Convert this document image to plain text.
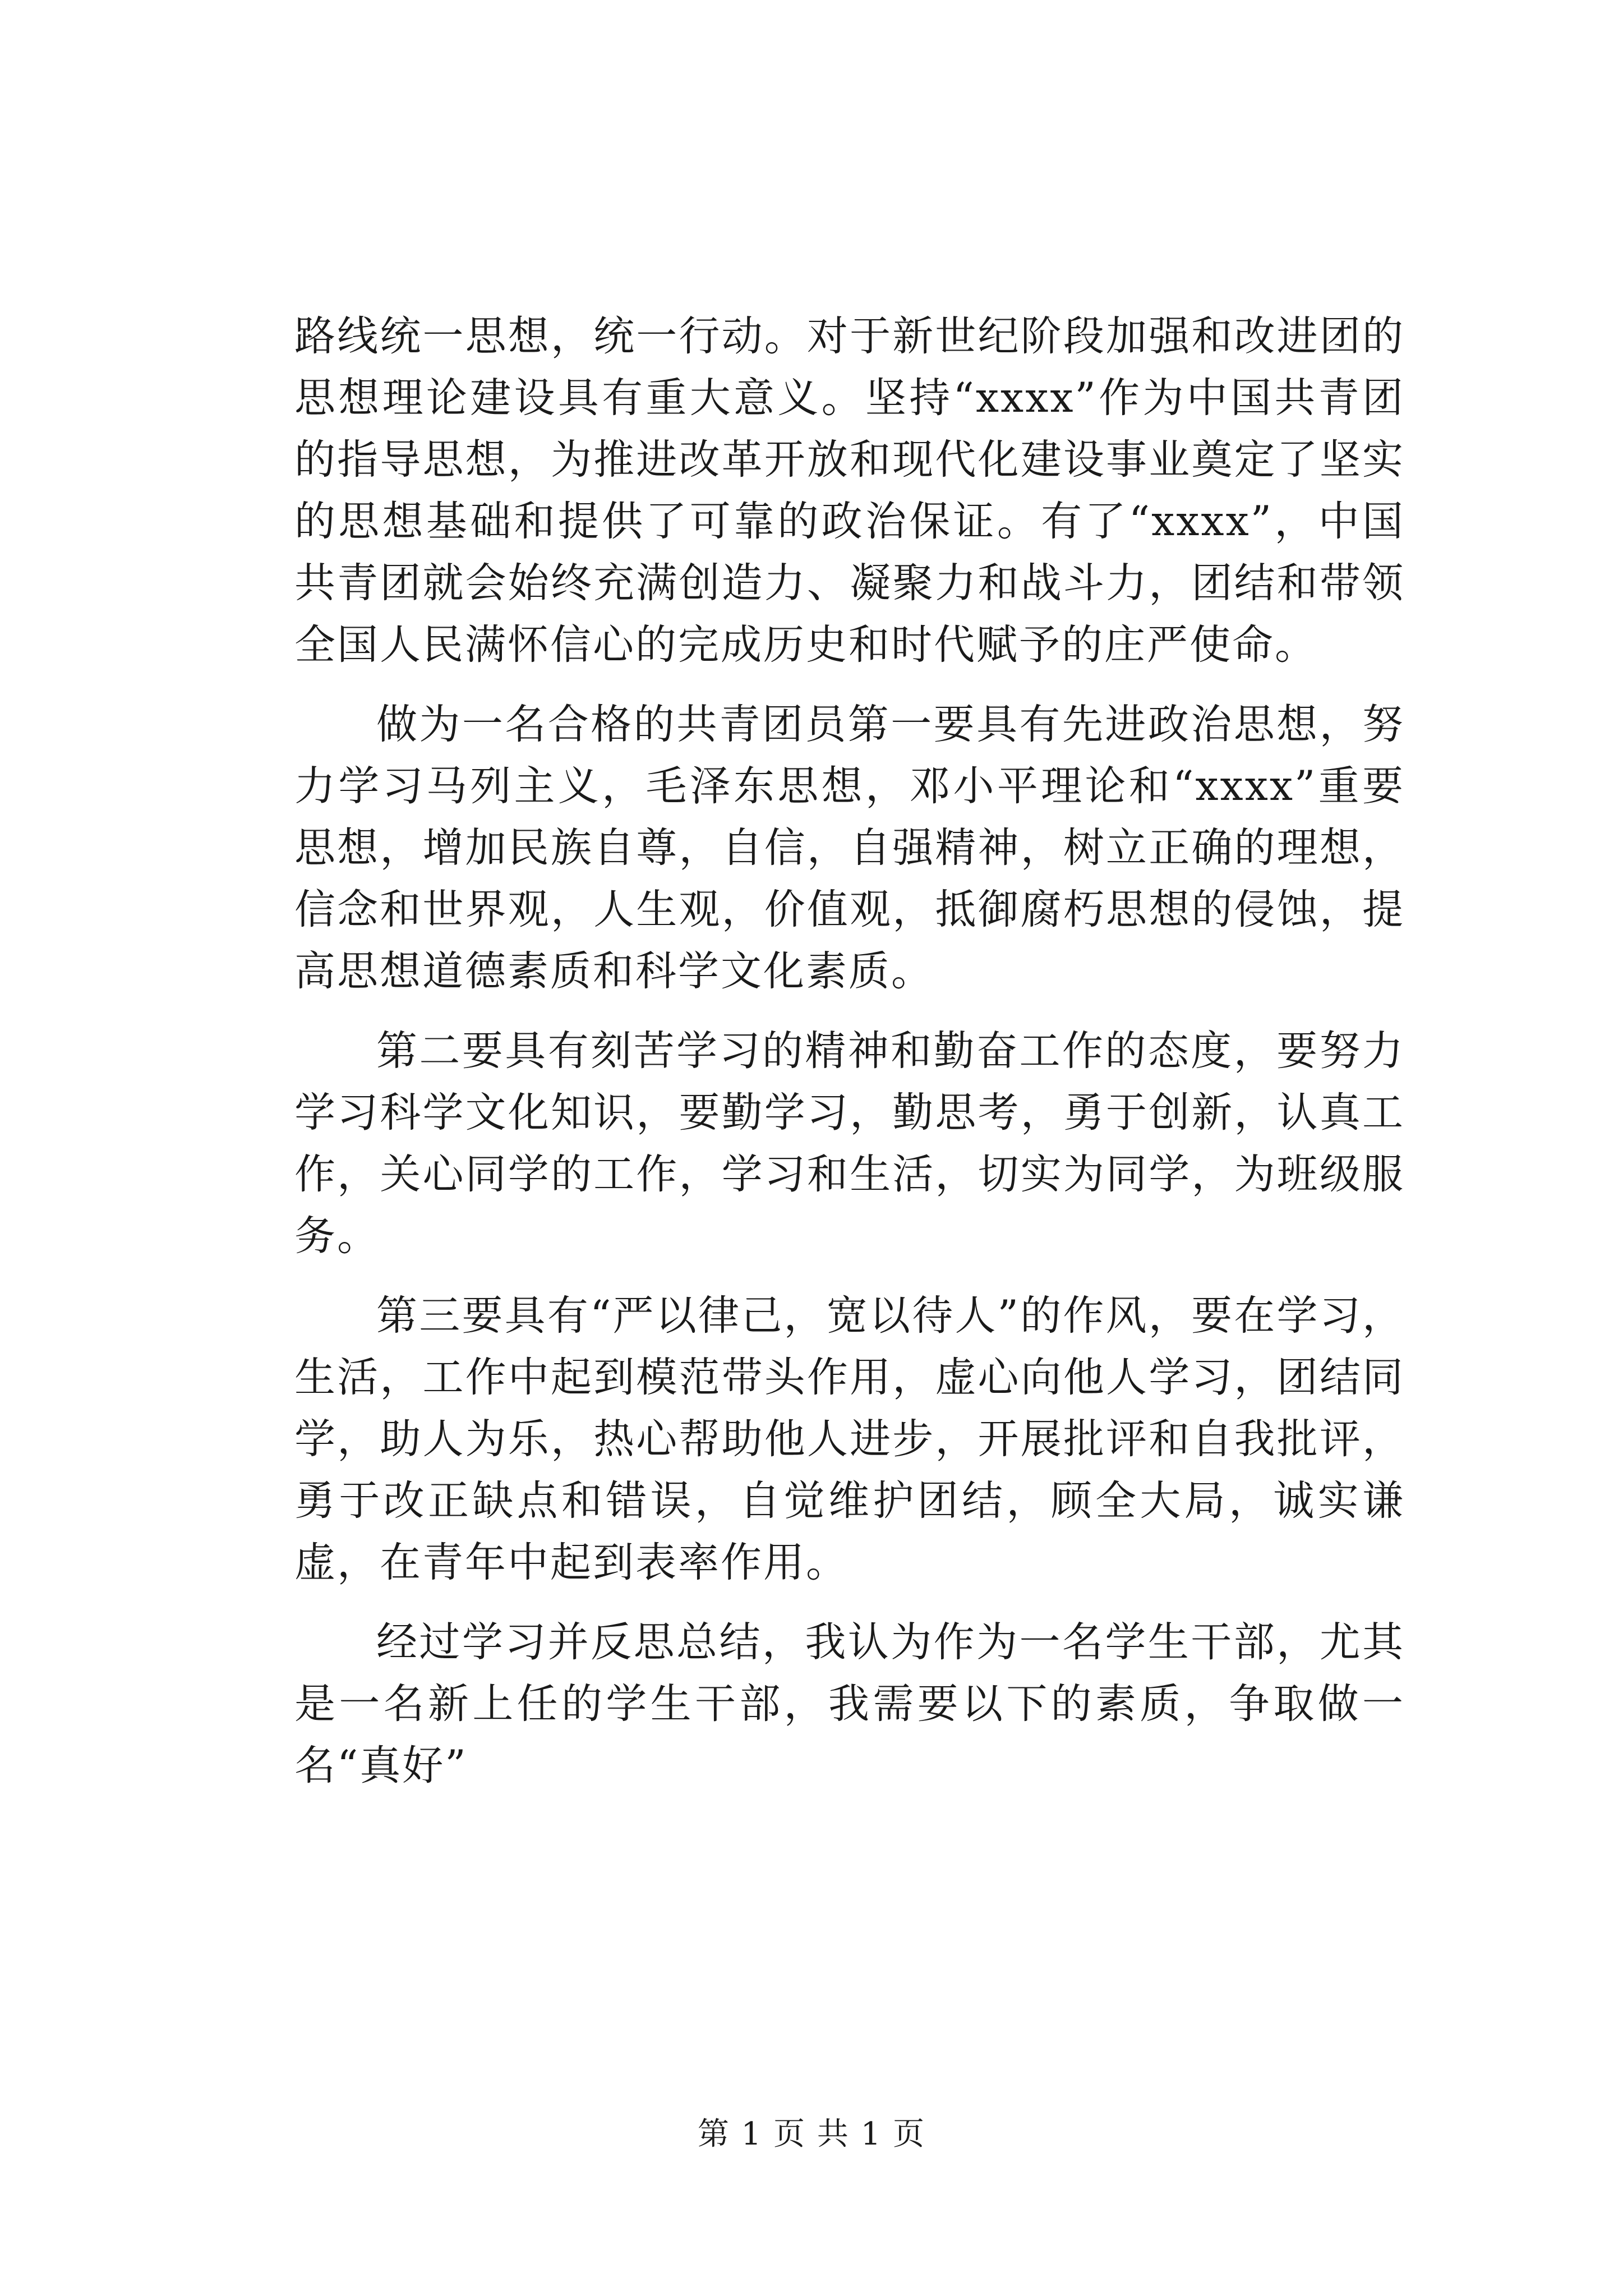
路线统一思想，统一行动。对于新世纪阶段加强和改进团的思想理论建设具有重大意义。坚持“xxxx”作为中国共青团的指导思想，为推进改革开放和现代化建设事业奠定了坚实的思想基础和提供了可靠的政治保证。有了“xxxx”，中国共青团就会始终充满创造力、凝聚力和战斗力，团结和带领全国人民满怀信心的完成历史和时代赋予的庄严使命。

做为一名合格的共青团员第一要具有先进政治思想，努力学习马列主义，毛泽东思想，邓小平理论和“xxxx”重要思想，增加民族自尊，自信，自强精神，树立正确的理想，信念和世界观，人生观，价值观，抵御腐朽思想的侵蚀，提高思想道德素质和科学文化素质。

第二要具有刻苦学习的精神和勤奋工作的态度，要努力学习科学文化知识，要勤学习，勤思考，勇于创新，认真工作，关心同学的工作，学习和生活，切实为同学，为班级服务。

第三要具有“严以律己，宽以待人”的作风，要在学习，生活，工作中起到模范带头作用，虚心向他人学习，团结同学，助人为乐，热心帮助他人进步，开展批评和自我批评，勇于改正缺点和错误，自觉维护团结，顾全大局，诚实谦虚，在青年中起到表率作用。

经过学习并反思总结，我认为作为一名学生干部，尤其是一名新上任的学生干部，我需要以下的素质，争取做一名“真好”

第 1 页 共 1 页
